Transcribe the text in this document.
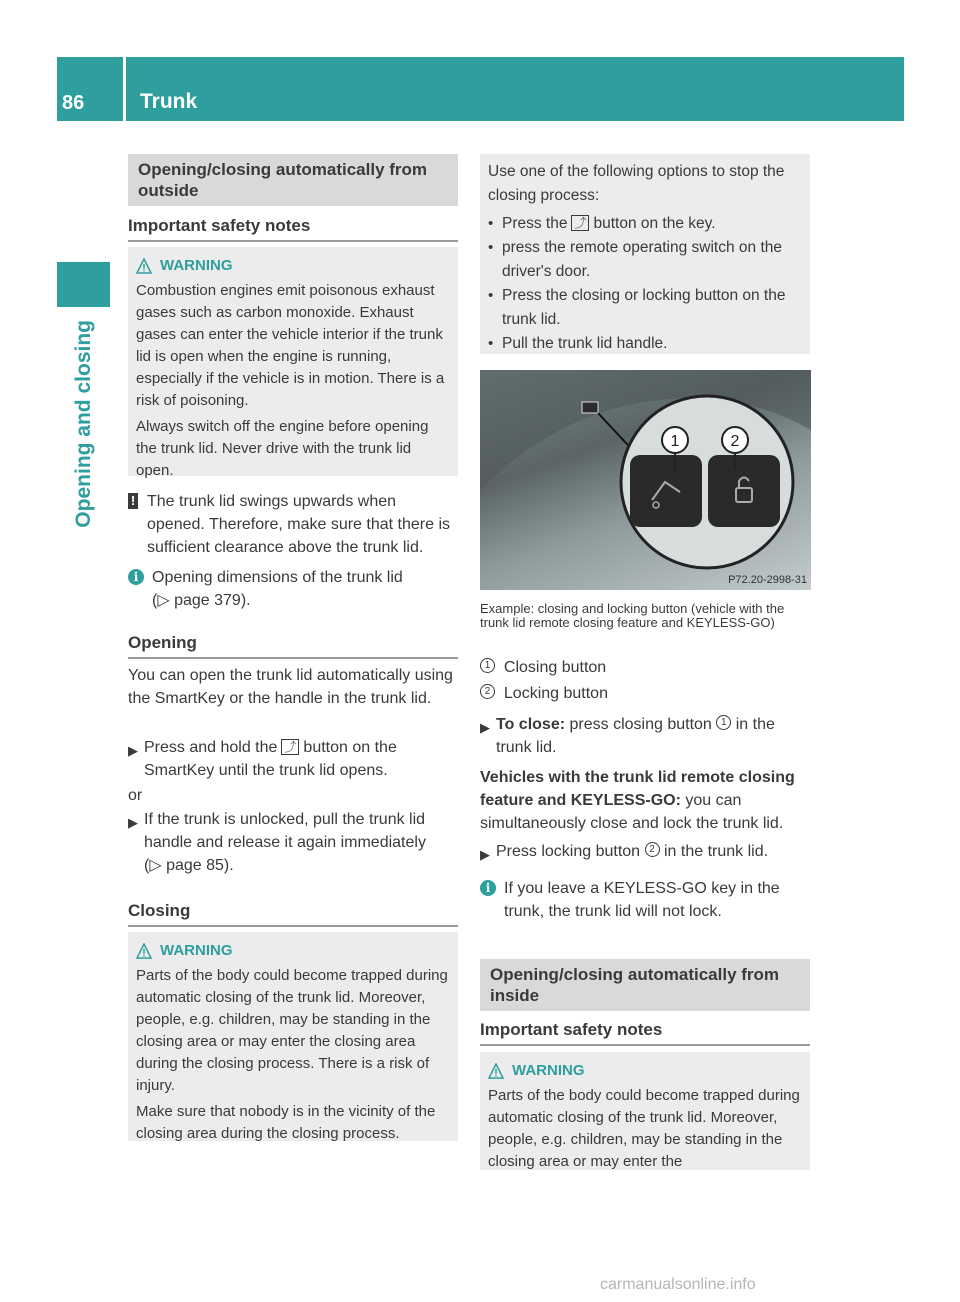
86	Trunk
Opening and closing
Opening/closing automatically from outside
Important safety notes
WARNING
Combustion engines emit poisonous exhaust gases such as carbon monoxide. Exhaust gases can enter the vehicle interior if the trunk lid is open when the engine is running, especially if the vehicle is in motion. There is a risk of poisoning.
Always switch off the engine before opening the trunk lid. Never drive with the trunk lid open.
! The trunk lid swings upwards when opened. Therefore, make sure that there is sufficient clearance above the trunk lid.
i Opening dimensions of the trunk lid
(▷ page 379).
Opening
You can open the trunk lid automatically using the SmartKey or the handle in the trunk lid.
▶ Press and hold the ⤴ button on the SmartKey until the trunk lid opens.
or
▶ If the trunk is unlocked, pull the trunk lid handle and release it again immediately
(▷ page 85).
Closing
WARNING
Parts of the body could become trapped during automatic closing of the trunk lid. Moreover, people, e.g. children, may be standing in the closing area or may enter the closing area during the closing process. There is a risk of injury.
Make sure that nobody is in the vicinity of the closing area during the closing process.
Use one of the following options to stop the closing process:
• Press the ⤴ button on the key.
• press the remote operating switch on the driver's door.
• Press the closing or locking button on the trunk lid.
• Pull the trunk lid handle.
1	2
P72.20-2998-31
Example: closing and locking button (vehicle with the trunk lid remote closing feature and KEYLESS-GO)
1 Closing button
2 Locking button
▶ To close: press closing button 1 in the trunk lid.
Vehicles with the trunk lid remote closing feature and KEYLESS-GO: you can simultaneously close and lock the trunk lid.
▶ Press locking button 2 in the trunk lid.
i If you leave a KEYLESS-GO key in the trunk, the trunk lid will not lock.
Opening/closing automatically from inside
Important safety notes
WARNING
Parts of the body could become trapped during automatic closing of the trunk lid. Moreover, people, e.g. children, may be standing in the closing area or may enter the
carmanualsonline.info
